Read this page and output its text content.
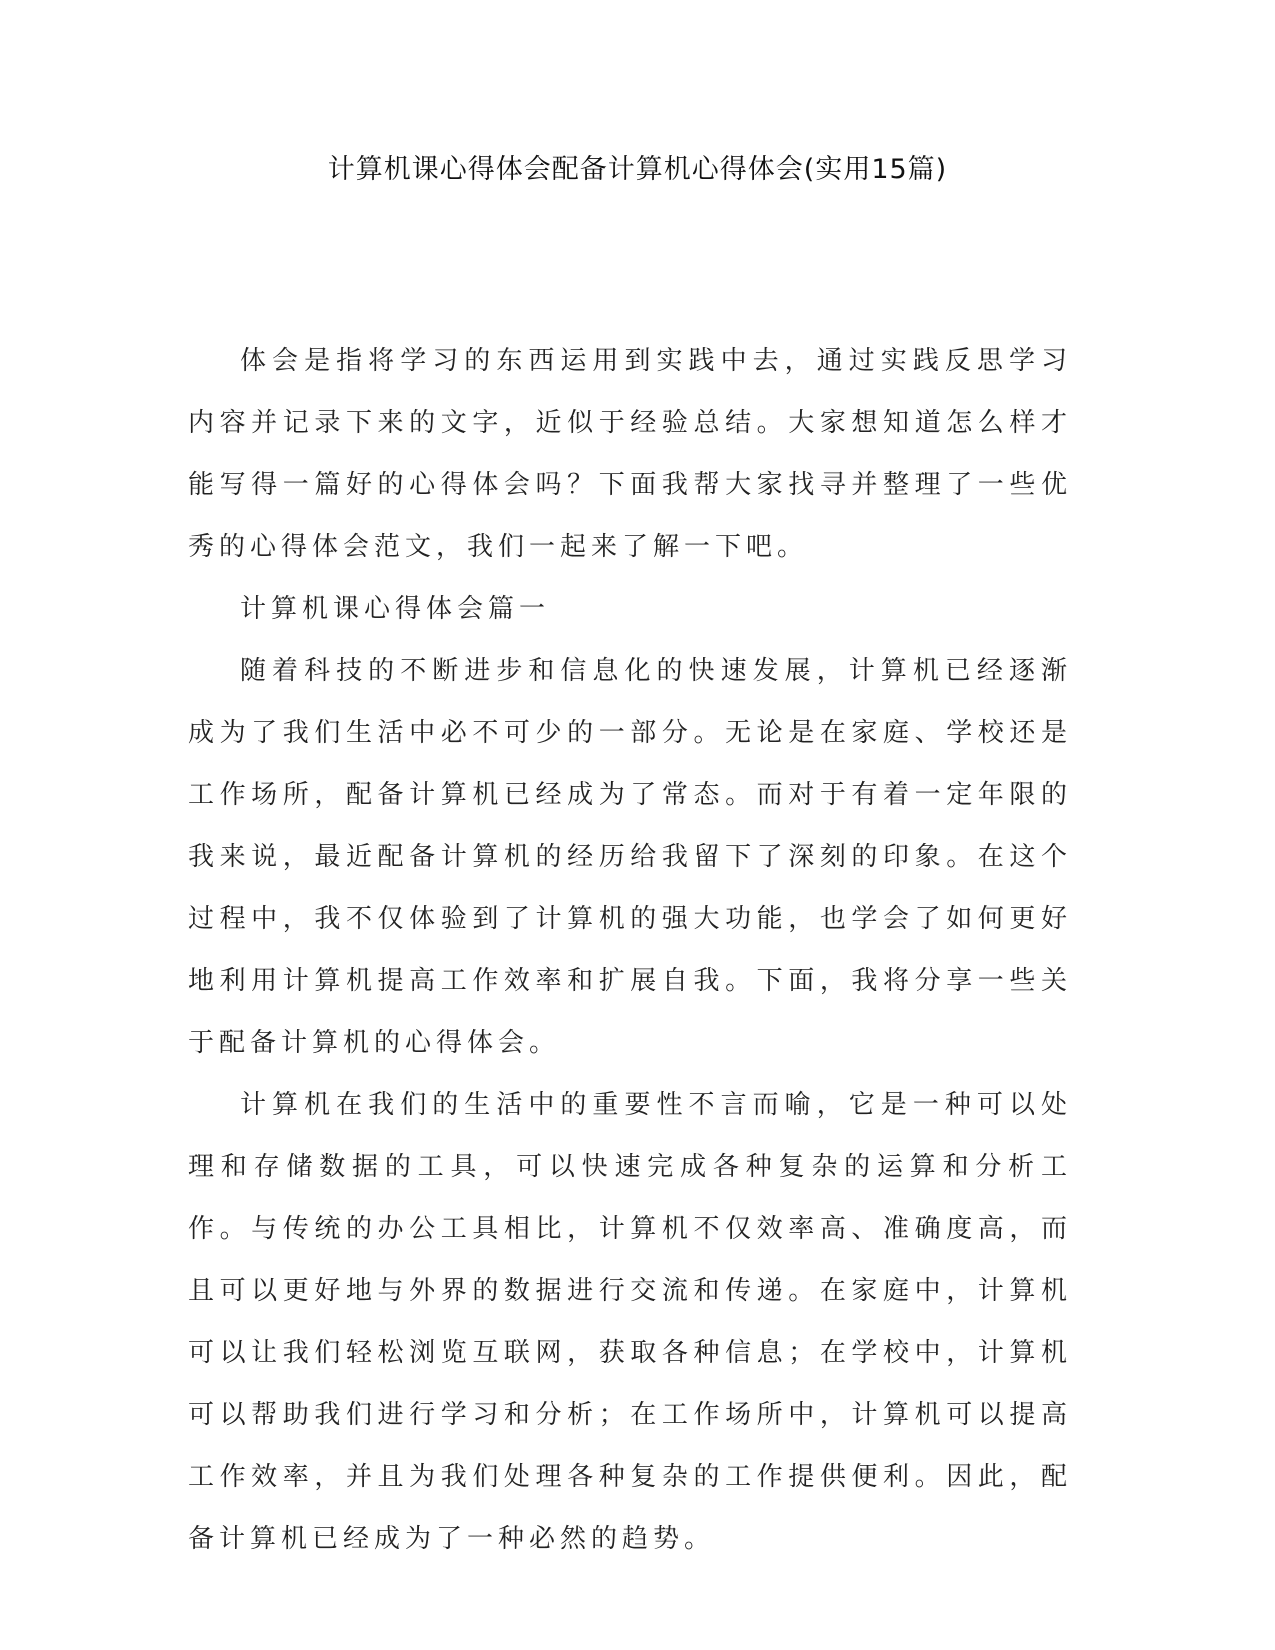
计算机课心得体会配备计算机心得体会(实用15篇)

体会是指将学习的东西运用到实践中去，通过实践反思学习内容并记录下来的文字，近似于经验总结。大家想知道怎么样才能写得一篇好的心得体会吗？下面我帮大家找寻并整理了一些优秀的心得体会范文，我们一起来了解一下吧。

计算机课心得体会篇一

随着科技的不断进步和信息化的快速发展，计算机已经逐渐成为了我们生活中必不可少的一部分。无论是在家庭、学校还是工作场所，配备计算机已经成为了常态。而对于有着一定年限的我来说，最近配备计算机的经历给我留下了深刻的印象。在这个过程中，我不仅体验到了计算机的强大功能，也学会了如何更好地利用计算机提高工作效率和扩展自我。下面，我将分享一些关于配备计算机的心得体会。

计算机在我们的生活中的重要性不言而喻，它是一种可以处理和存储数据的工具，可以快速完成各种复杂的运算和分析工作。与传统的办公工具相比，计算机不仅效率高、准确度高，而且可以更好地与外界的数据进行交流和传递。在家庭中，计算机可以让我们轻松浏览互联网，获取各种信息；在学校中，计算机可以帮助我们进行学习和分析；在工作场所中，计算机可以提高工作效率，并且为我们处理各种复杂的工作提供便利。因此，配备计算机已经成为了一种必然的趋势。
